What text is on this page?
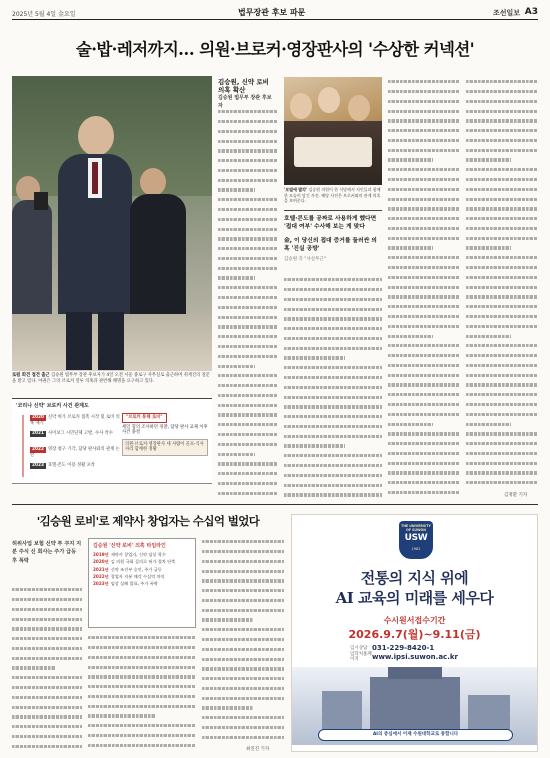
2025년 5월 4일 金요일	법무장관 후보 파문	조선일보 A3
술·밥·레저까지… 의원·브로커·영장판사의 '수상한 커넥션'
로펌 회견 접견 출근 김승원 법무부 장관 후보자가 4일 오전 서울 종로구 사무실로 출근하며 취재진의 질문을 받고 있다. 야권은 그의 브로커 연루 의혹과 관련해 해명을 요구하고 있다.
'코리나 신약' 브로커 사건 관계도
2020 신약 허가 브로커 접촉 시작 및 로비 의혹 제기
2021 사이보그 시민단체 고발, 수사 착수
2022 영장 청구 기각, 담당 판사와의 관계 논란
2023 호텔·콘도 이용 정황 포착
"브로커 통해 로비"
세일 혐의 조사하던 경찰, 담당 판사 교체 이후 사건 종결
의원·브로커·영장판사 세 사람이 골프·식사 자리 함께한 정황
김승원, 신약 로비 의혹 확산
김승원 법무부 장관 후보자
'모빌에 발각' 김승원 의원이 한 식당에서 지인들과 함께한 모습이 담긴 사진. 해당 사진은 브로커와의 관계 의혹을 보여준다.
호텔·콘도를 공짜로 사용하게 했다면 '접대 여부' 수사해 보는 게 맞다
金, 이 당신의 접대 증거를 둘러싼 의혹 '진실 공방'
김승원 측 "사실무근"
김정환 기자
'김승원 로비'로 제약사 창업자는 수십억 벌었다
허위사업 보험 신약 투 쿠지 지분 주식 신 회사는 주가 급등 후 폭락
김승원 '신약 로비' 의혹 타임라인
2019년 제약사 창업자, 신약 임상 착수
2020년 김 의원 국회 질의로 허가 절차 단축
2021년 신약 조건부 승인, 주가 급등
2022년 창업자 지분 매각 수십억 차익
2023년 임상 실패 발표, 주가 폭락
최연진 기자
THE UNIVERSITY OF SUWON
USW
1982
전통의 지식 위에
AI 교육의 미래를 세우다
수시원서접수기간
2026.9.7(월)~9.11(금)
입시상담 031-229-8420-1
입학처홈페이지 www.ipsi.suwon.ac.kr
AI의 중심에서 이제 수원대학교로 통합니다
